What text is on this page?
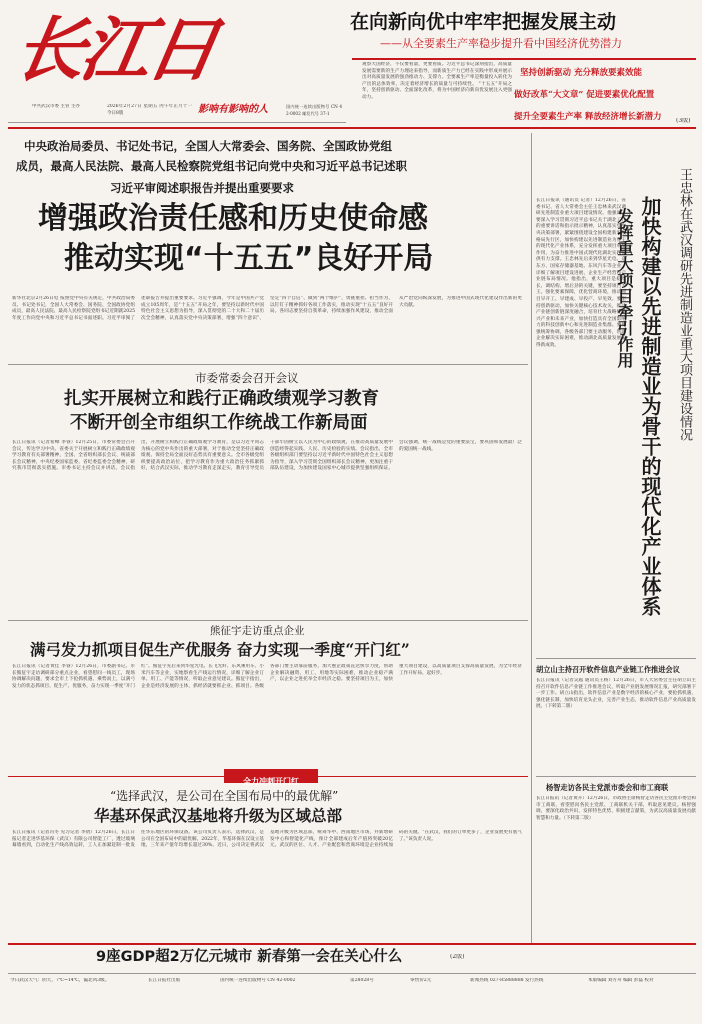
长江日报
中共武汉市委 主管 主办	2026年2月27日 星期五 丙午年正月十一 今日8版	影响有影响的人	国内统一连续出版物号 CN 42-0002 邮发代号 37-1
在向新向优中牢牢把握发展主动
——从全要素生产率稳步提升看中国经济优势潜力
观察大国经济，不仅要看量，更要看质。习近平总书记深刻指出，高质量发展需要新的生产力理论来指导，而新质生产力已经在实践中形成并展示出对高质量发展的强劲推动力、支撑力。全要素生产率是衡量投入转化为产出的总体效率，决定着经济增长的质量与可持续性。 “十五五”开局之年，坚持创新驱动、全面深化改革，将为中国经济向新向优发展注入更强动力。
坚持创新驱动 充分释放要素效能
做好改革“大文章” 促进要素优化配置
提升全要素生产率 释放经济增长新潜力	(3版)
中央政治局委员、书记处书记，全国人大常委会、国务院、全国政协党组
成员，最高人民法院、最高人民检察院党组书记向党中央和习近平总书记述职
习近平审阅述职报告并提出重要要求
增强政治责任感和历史使命感
推动实现“十五五”良好开局
新华社北京2月26日电 按照党中央有关规定，中共政治局委员、书记处书记，全国人大常委会、国务院、全国政协党组成员，最高人民法院、最高人民检察院党组书记近期就2025年度工作向党中央和习近平总书记书面述职。习近平审阅了述职报告并提出重要要求。习近平强调，今年是中国共产党成立105周年，是“十五五”开局之年，要坚持以新时代中国特色社会主义思想为指导，深入贯彻党的二十大和二十届历次全会精神，认真落实党中央决策部署，增强“四个意识”、坚定“四个自信”、做到“两个维护”，勇挑重担、担当作为，以钉钉子精神抓好各项工作落实，推动实现“十五五”良好开局。各同志要坚持自我革命，持续加强作风建设，推动全面从严治党向纵深发展，为推进中国式现代化建设作出新的更大贡献。
市委常委会召开会议
扎实开展树立和践行正确政绩观学习教育
不断开创全市组织工作统战工作新局面
长江日报讯（记者希峰 李睿）12月25日，市委常委会召开会议，传达学习中央、省委关于开展树立和践行正确政绩观学习教育有关部署精神，全国、全省组织部长会议、统战部长会议精神，中央纪委国家监委、省纪委监委全会精神，研究我市贯彻落实措施。市委书记主持会议并讲话。会议指出，开展树立和践行正确政绩观学习教育，是以习近平同志为核心的党中央作出的重大部署，对于推动全党坚持正确政绩观、保持全局全面良好态势具有重要意义。全市各级党组织要提高政治站位，把学习教育作为重大政治任务抓紧抓好，结合武汉实际，推动学习教育走深走实，教育引导党员干部牢固树立以人民为中心的政绩观，在推动高质量发展中创造经得起实践、人民、历史检验的实绩。会议指出，全市各级组织部门要坚持以习近平新时代中国特色社会主义思想为指导，深入学习贯彻全国组织部长会议精神，更加注重干部队伍建设，为加快建设国家中心城市提供坚强组织保证。会议强调，统一战线是党的重要法宝，要巩固和发展最广泛的爱国统一战线。
熊征宇走访重点企业
满弓发力抓项目促生产优服务 奋力实现一季度“开门红”
长江日报讯（记者黄佳 李睿）12月26日，市委副书记、市长熊征宇走访调研部分重点企业，看望慰问一线员工，现场协调解决问题，要求全市上下抢抓机遇、乘势而上，以满弓发力的状态抓项目、促生产、优服务，奋力实现一季度“开门红”。熊征宇先后来到华星光电、长飞光纤、东风乘用车、小米汽车等企业，实地察看生产线运行情况，详细了解企业订单、用工、产能等情况，听取企业意见建议。熊征宇指出，企业是经济发展的主体，抓经济就要抓企业、抓项目。各级各部门要主动靠前服务，加大惠企政策直达快享力度，帮助企业解决融资、用工、用地等实际困难，推动企业稳产满产，以企业之进托举全市经济之稳。要坚持项目为王，加快重大项目建设，以高质量项目支撑高质量发展，为全年经济工作开好局、起好步。
全力冲刺开门红
“选择武汉，是公司在全国布局中的最优解”
华基环保武汉基地将升级为区域总部
长江日报讯（记者冯冬 见习记者 李倩）12月26日，长江日报记者走进华基环保（武汉）有限公司智能工厂，透过玻璃幕墙看到，自动化生产线高效运转，工人正加紧赶制一批发往华东地区的环保设备。该公司负责人表示，选择武汉，是公司在全国布局中的最优解。2022年，华基环保在汉设立基地，三年来产值年均增长超过30%。近日，公司决定将武汉基地升级为区域总部，统筹华中、西南地区市场，并新增研发中心和智能化产线，预计全部建成后年产值将突破20亿元。武汉的区位、人才、产业配套和营商环境是企业持续加码的关键。“在武汉，我们的订单更多了，企业发展更有底气了。”该负责人说。
长江日报讯（通讯员 记者）12月26日，省委书记、省人大常委会主任王忠林来武汉调研先进制造业重大项目建设情况。他强调，要深入学习贯彻习近平总书记关于湖北工作的重要讲话和指示批示精神，认真落实党中央决策部署，紧紧围绕建设全国构建新发展格局先行区，加快构建以先进制造业为骨干的现代化产业体系，充分发挥重大项目牵引作用，为奋力推进中国式现代化湖北实践提供有力支撑。王忠林先后来到华星光电、京东方、国家存储器基地、东风汽车等企业，详细了解项目建设进展、企业生产经营和产业链布局情况。他指出，重大项目是稳增长、调结构、增后劲的关键，要坚持项目为王，强化要素保障，优化营商环境，推动项目早开工、早建成、早投产、早见效。要坚持创新驱动，加快关键核心技术攻关，推动产业链创新链深度融合，培育壮大战略性新兴产业和未来产业，加快打造具有全国影响力的科技创新中心和先进制造业集群。要加强统筹协调，各级各部门要主动服务，帮助企业解决实际困难，推动湖北高质量发展取得新成效。	加快构建以先进制造业为骨干的现代化产业体系
发挥重大项目牵引作用	王忠林在武汉调研先进制造业重大项目建设情况
胡立山主持召开软件信息产业链工作推进会议
长江日报讯（记者吴越 通讯员王杨）12月26日，市人大常委会主任胡立山主持召开软件信息产业链工作推进会议，听取产业链发展情况汇报，研究部署下一步工作。胡立山指出，软件信息产业是数字经济的核心产业，要抢抓机遇，强化链长制，加快培育龙头企业，完善产业生态，推动软件信息产业高质量发展。（下转第二版）
杨智走访各民主党派市委会和市工商联
长江日报讯（记者黄卉）12月26日，市政协主席杨智走访各民主党派市委会和市工商联，看望慰问各民主党派、工商联机关干部，听取意见建议。杨智强调，要深化政治共识，发挥特色优势，积极建言献策，为武汉高质量发展贡献智慧和力量。（下转第二版）
9座GDP超2万亿元城市 新春第一会在关心什么	(2版)
今日武汉天气：阴天，7℃~14℃，偏北风3级。	长江日报社出版	国内统一连续出版物号 CN 42-0002	第28028号	零售价2元	新闻热线 027-85888888 发行热线	本版编辑 刘方舟 编辑 彭磊 校对
